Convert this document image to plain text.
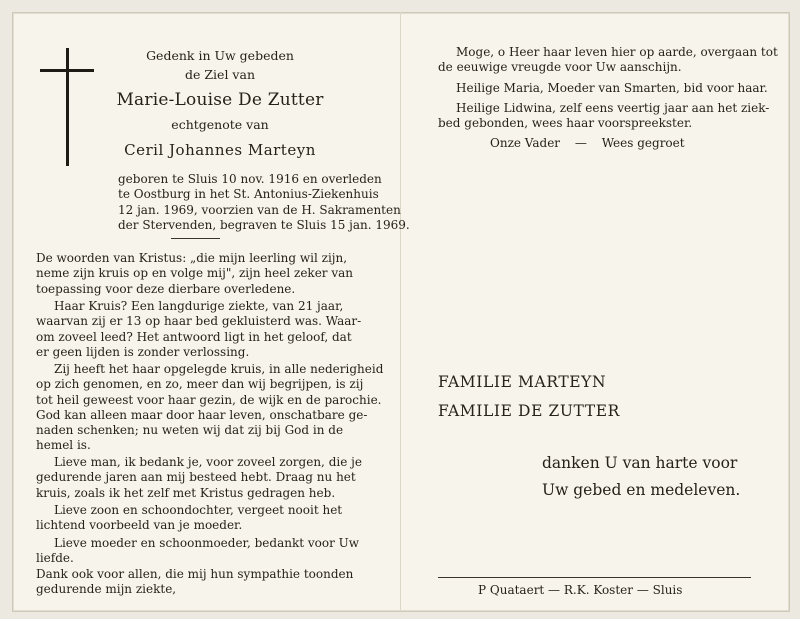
Gedenk in Uw gebeden
de Ziel van
Marie-Louise De Zutter
echtgenote van
Ceril Johannes Marteyn
geboren te Sluis 10 nov. 1916 en overleden
te Oostburg in het St. Antonius-Ziekenhuis
12 jan. 1969, voorzien van de H. Sakramenten
der Stervenden, begraven te Sluis 15 jan. 1969.
De woorden van Kristus: „die mijn leerling wil zijn,
neme zijn kruis op en volge mij", zijn heel zeker van
toepassing voor deze dierbare overledene.
Haar Kruis? Een langdurige ziekte, van 21 jaar,
waarvan zij er 13 op haar bed gekluisterd was. Waar-
om zoveel leed? Het antwoord ligt in het geloof, dat
er geen lijden is zonder verlossing.
Zij heeft het haar opgelegde kruis, in alle nederigheid
op zich genomen, en zo, meer dan wij begrijpen, is zij
tot heil geweest voor haar gezin, de wijk en de parochie.
God kan alleen maar door haar leven, onschatbare ge-
naden schenken; nu weten wij dat zij bij God in de
hemel is.
Lieve man, ik bedank je, voor zoveel zorgen, die je
gedurende jaren aan mij besteed hebt. Draag nu het
kruis, zoals ik het zelf met Kristus gedragen heb.
Lieve zoon en schoondochter, vergeet nooit het
lichtend voorbeeld van je moeder.
Lieve moeder en schoonmoeder, bedankt voor Uw
liefde.
Dank ook voor allen, die mij hun sympathie toonden
gedurende mijn ziekte,
Moge, o Heer haar leven hier op aarde, overgaan tot
de eeuwige vreugde voor Uw aanschijn.
Heilige Maria, Moeder van Smarten, bid voor haar.
Heilige Lidwina, zelf eens veertig jaar aan het ziek-
bed gebonden, wees haar voorspreekster.
Onze Vader — Wees gegroet
FAMILIE MARTEYN
FAMILIE DE ZUTTER
danken U van harte voor
Uw gebed en medeleven.
P Quataert — R.K. Koster — Sluis
